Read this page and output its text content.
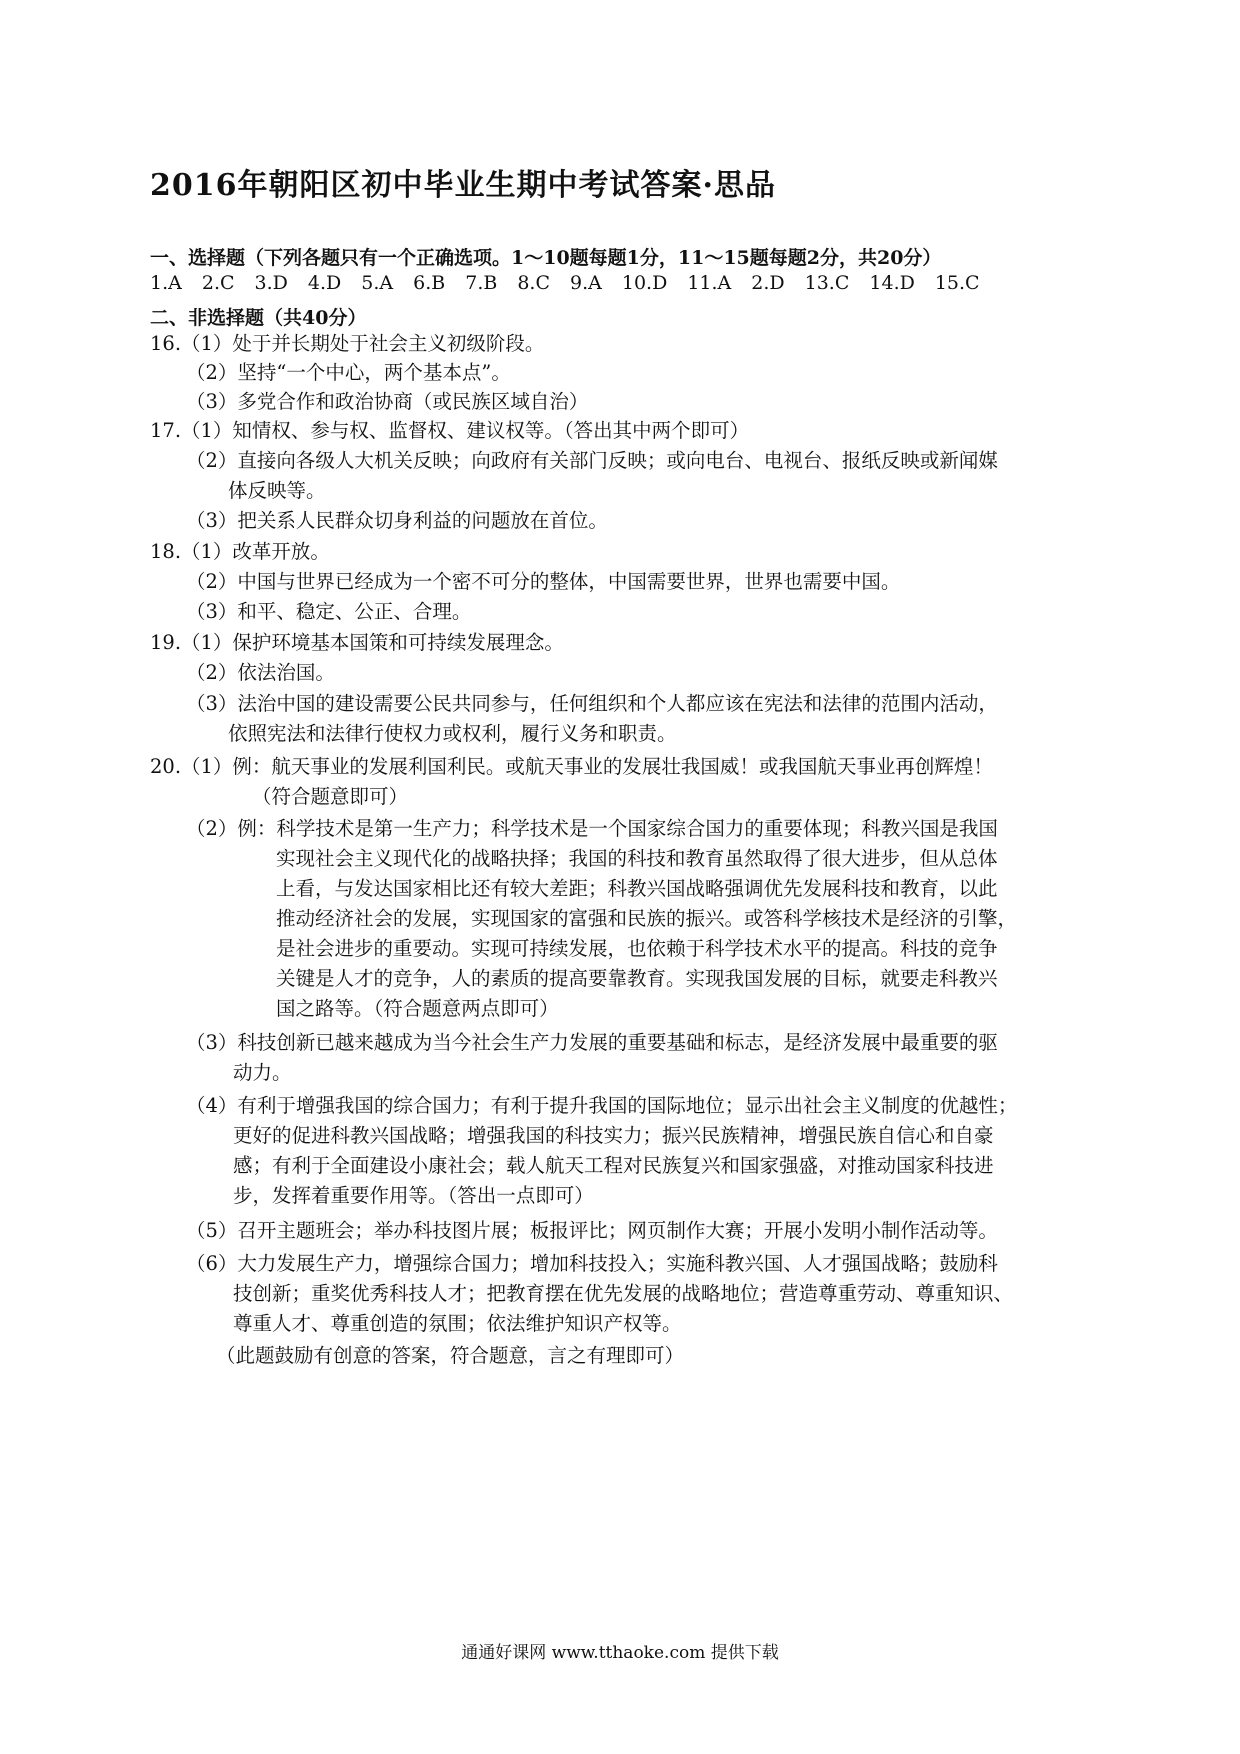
2016年朝阳区初中毕业生期中考试答案·思品
一、选择题（下列各题只有一个正确选项。1～10题每题1分，11～15题每题2分，共20分）
1.A 2.C 3.D 4.D 5.A 6.B 7.B 8.C 9.A 10.D 11.A 2.D 13.C 14.D 15.C
二、非选择题（共40分）
16.（1）处于并长期处于社会主义初级阶段。
（2）坚持“一个中心，两个基本点”。
（3）多党合作和政治协商（或民族区域自治）
17.（1）知情权、参与权、监督权、建议权等。（答出其中两个即可）
（2）直接向各级人大机关反映；向政府有关部门反映；或向电台、电视台、报纸反映或新闻媒
体反映等。
（3）把关系人民群众切身利益的问题放在首位。
18.（1）改革开放。
（2）中国与世界已经成为一个密不可分的整体，中国需要世界，世界也需要中国。
（3）和平、稳定、公正、合理。
19.（1）保护环境基本国策和可持续发展理念。
（2）依法治国。
（3）法治中国的建设需要公民共同参与，任何组织和个人都应该在宪法和法律的范围内活动，
依照宪法和法律行使权力或权利，履行义务和职责。
20.（1）例：航天事业的发展利国利民。或航天事业的发展壮我国威！或我国航天事业再创辉煌！
（符合题意即可）
（2）例：科学技术是第一生产力；科学技术是一个国家综合国力的重要体现；科教兴国是我国
实现社会主义现代化的战略抉择；我国的科技和教育虽然取得了很大进步，但从总体
上看，与发达国家相比还有较大差距；科教兴国战略强调优先发展科技和教育，以此
推动经济社会的发展，实现国家的富强和民族的振兴。或答科学核技术是经济的引擎，
是社会进步的重要动。实现可持续发展，也依赖于科学技术水平的提高。科技的竞争
关键是人才的竞争，人的素质的提高要靠教育。实现我国发展的目标，就要走科教兴
国之路等。（符合题意两点即可）
（3）科技创新已越来越成为当今社会生产力发展的重要基础和标志，是经济发展中最重要的驱
动力。
（4）有利于增强我国的综合国力；有利于提升我国的国际地位；显示出社会主义制度的优越性；
更好的促进科教兴国战略；增强我国的科技实力；振兴民族精神，增强民族自信心和自豪
感；有利于全面建设小康社会；载人航天工程对民族复兴和国家强盛，对推动国家科技进
步，发挥着重要作用等。（答出一点即可）
（5）召开主题班会；举办科技图片展；板报评比；网页制作大赛；开展小发明小制作活动等。
（6）大力发展生产力，增强综合国力；增加科技投入；实施科教兴国、人才强国战略；鼓励科
技创新；重奖优秀科技人才；把教育摆在优先发展的战略地位；营造尊重劳动、尊重知识、
尊重人才、尊重创造的氛围；依法维护知识产权等。
（此题鼓励有创意的答案，符合题意，言之有理即可）
通通好课网 www.tthaoke.com 提供下载
